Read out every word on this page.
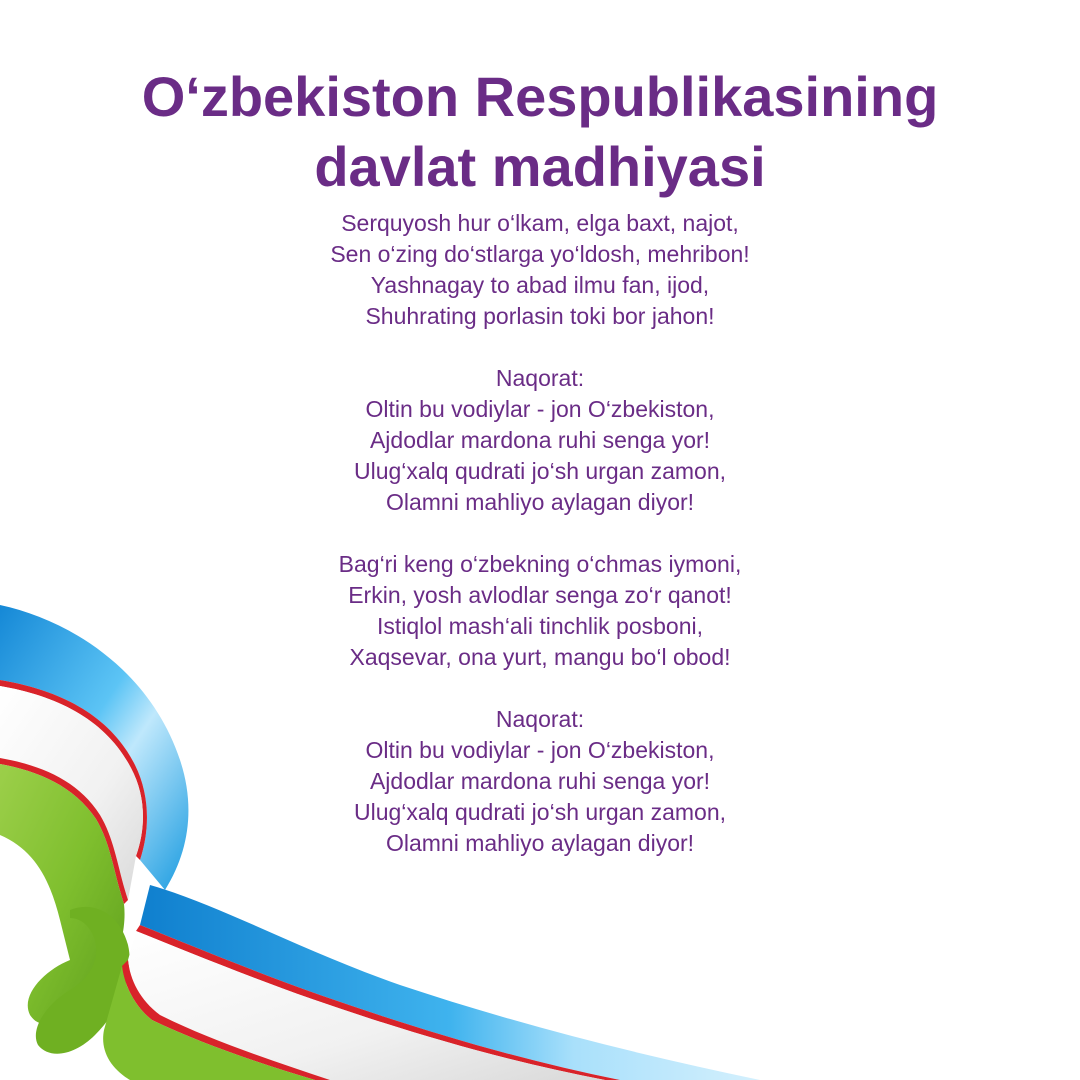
O‘zbekiston Respublikasining
davlat madhiyasi

Serquyosh hur o‘lkam, elga baxt, najot,

Sen o‘zing do‘stlarga yo‘ldosh, mehribon!

Yashnagay to abad ilmu fan, ijod,

Shuhrating porlasin toki bor jahon!

Naqorat:

Oltin bu vodiylar - jon O‘zbekiston,

Ajdodlar mardona ruhi senga yor!

Ulug‘xalq qudrati jo‘sh urgan zamon,

Olamni mahliyo aylagan diyor!

Bag‘ri keng o‘zbekning o‘chmas iymoni,

Erkin, yosh avlodlar senga zo‘r qanot!

Istiqlol mash‘ali tinchlik posboni,

Xaqsevar, ona yurt, mangu bo‘l obod!

Naqorat:

Oltin bu vodiylar - jon O‘zbekiston,

Ajdodlar mardona ruhi senga yor!

Ulug‘xalq qudrati jo‘sh urgan zamon,

Olamni mahliyo aylagan diyor!
